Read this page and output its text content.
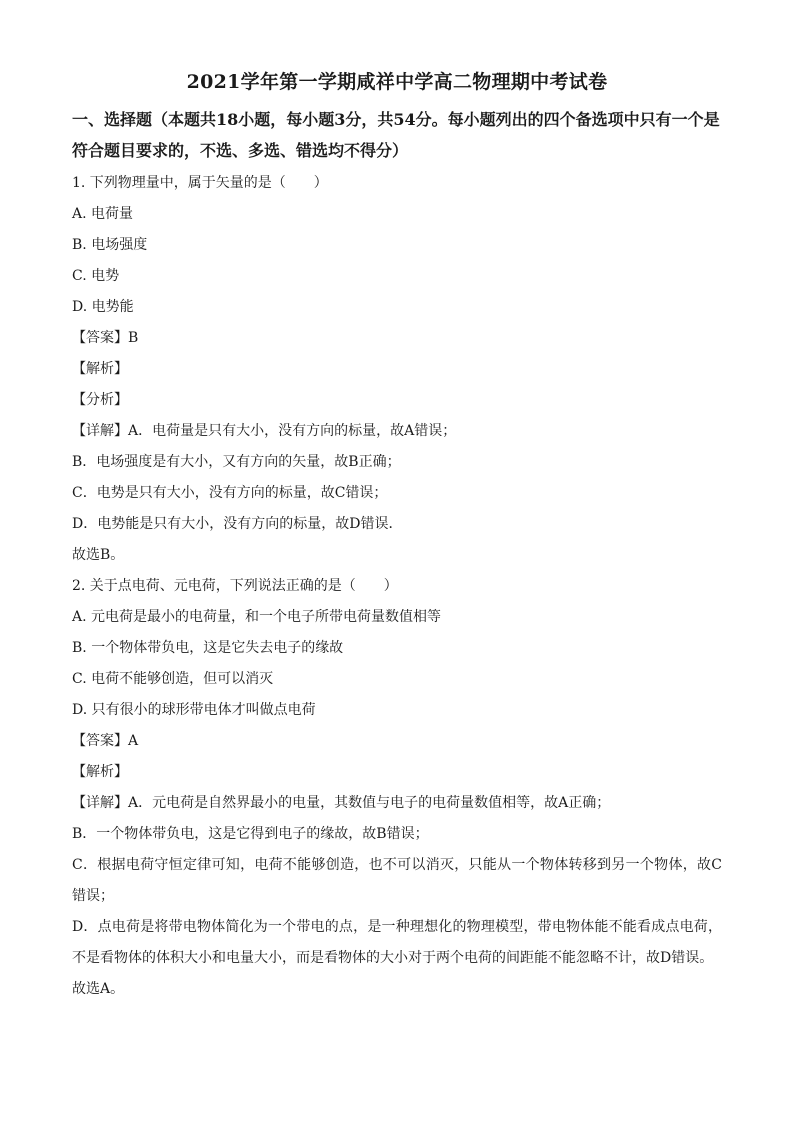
2021学年第一学期咸祥中学高二物理期中考试卷
一、选择题（本题共18小题，每小题3分，共54分。每小题列出的四个备选项中只有一个是符合题目要求的，不选、多选、错选均不得分）

1. 下列物理量中，属于矢量的是（　　）

A. 电荷量

B. 电场强度

C. 电势

D. 电势能

【答案】B

【解析】

【分析】

【详解】A．电荷量是只有大小，没有方向的标量，故A错误；

B．电场强度是有大小，又有方向的矢量，故B正确；

C．电势是只有大小，没有方向的标量，故C错误；

D．电势能是只有大小，没有方向的标量，故D错误．

故选B。

2. 关于点电荷、元电荷，下列说法正确的是（　　）

A. 元电荷是最小的电荷量，和一个电子所带电荷量数值相等

B. 一个物体带负电，这是它失去电子的缘故

C. 电荷不能够创造，但可以消灭

D. 只有很小的球形带电体才叫做点电荷

【答案】A

【解析】

【详解】A．元电荷是自然界最小的电量，其数值与电子的电荷量数值相等，故A正确；

B．一个物体带负电，这是它得到电子的缘故，故B错误；

C．根据电荷守恒定律可知，电荷不能够创造，也不可以消灭，只能从一个物体转移到另一个物体，故C错误；

D．点电荷是将带电物体简化为一个带电的点，是一种理想化的物理模型，带电物体能不能看成点电荷，不是看物体的体积大小和电量大小，而是看物体的大小对于两个电荷的间距能不能忽略不计，故D错误。

故选A。
